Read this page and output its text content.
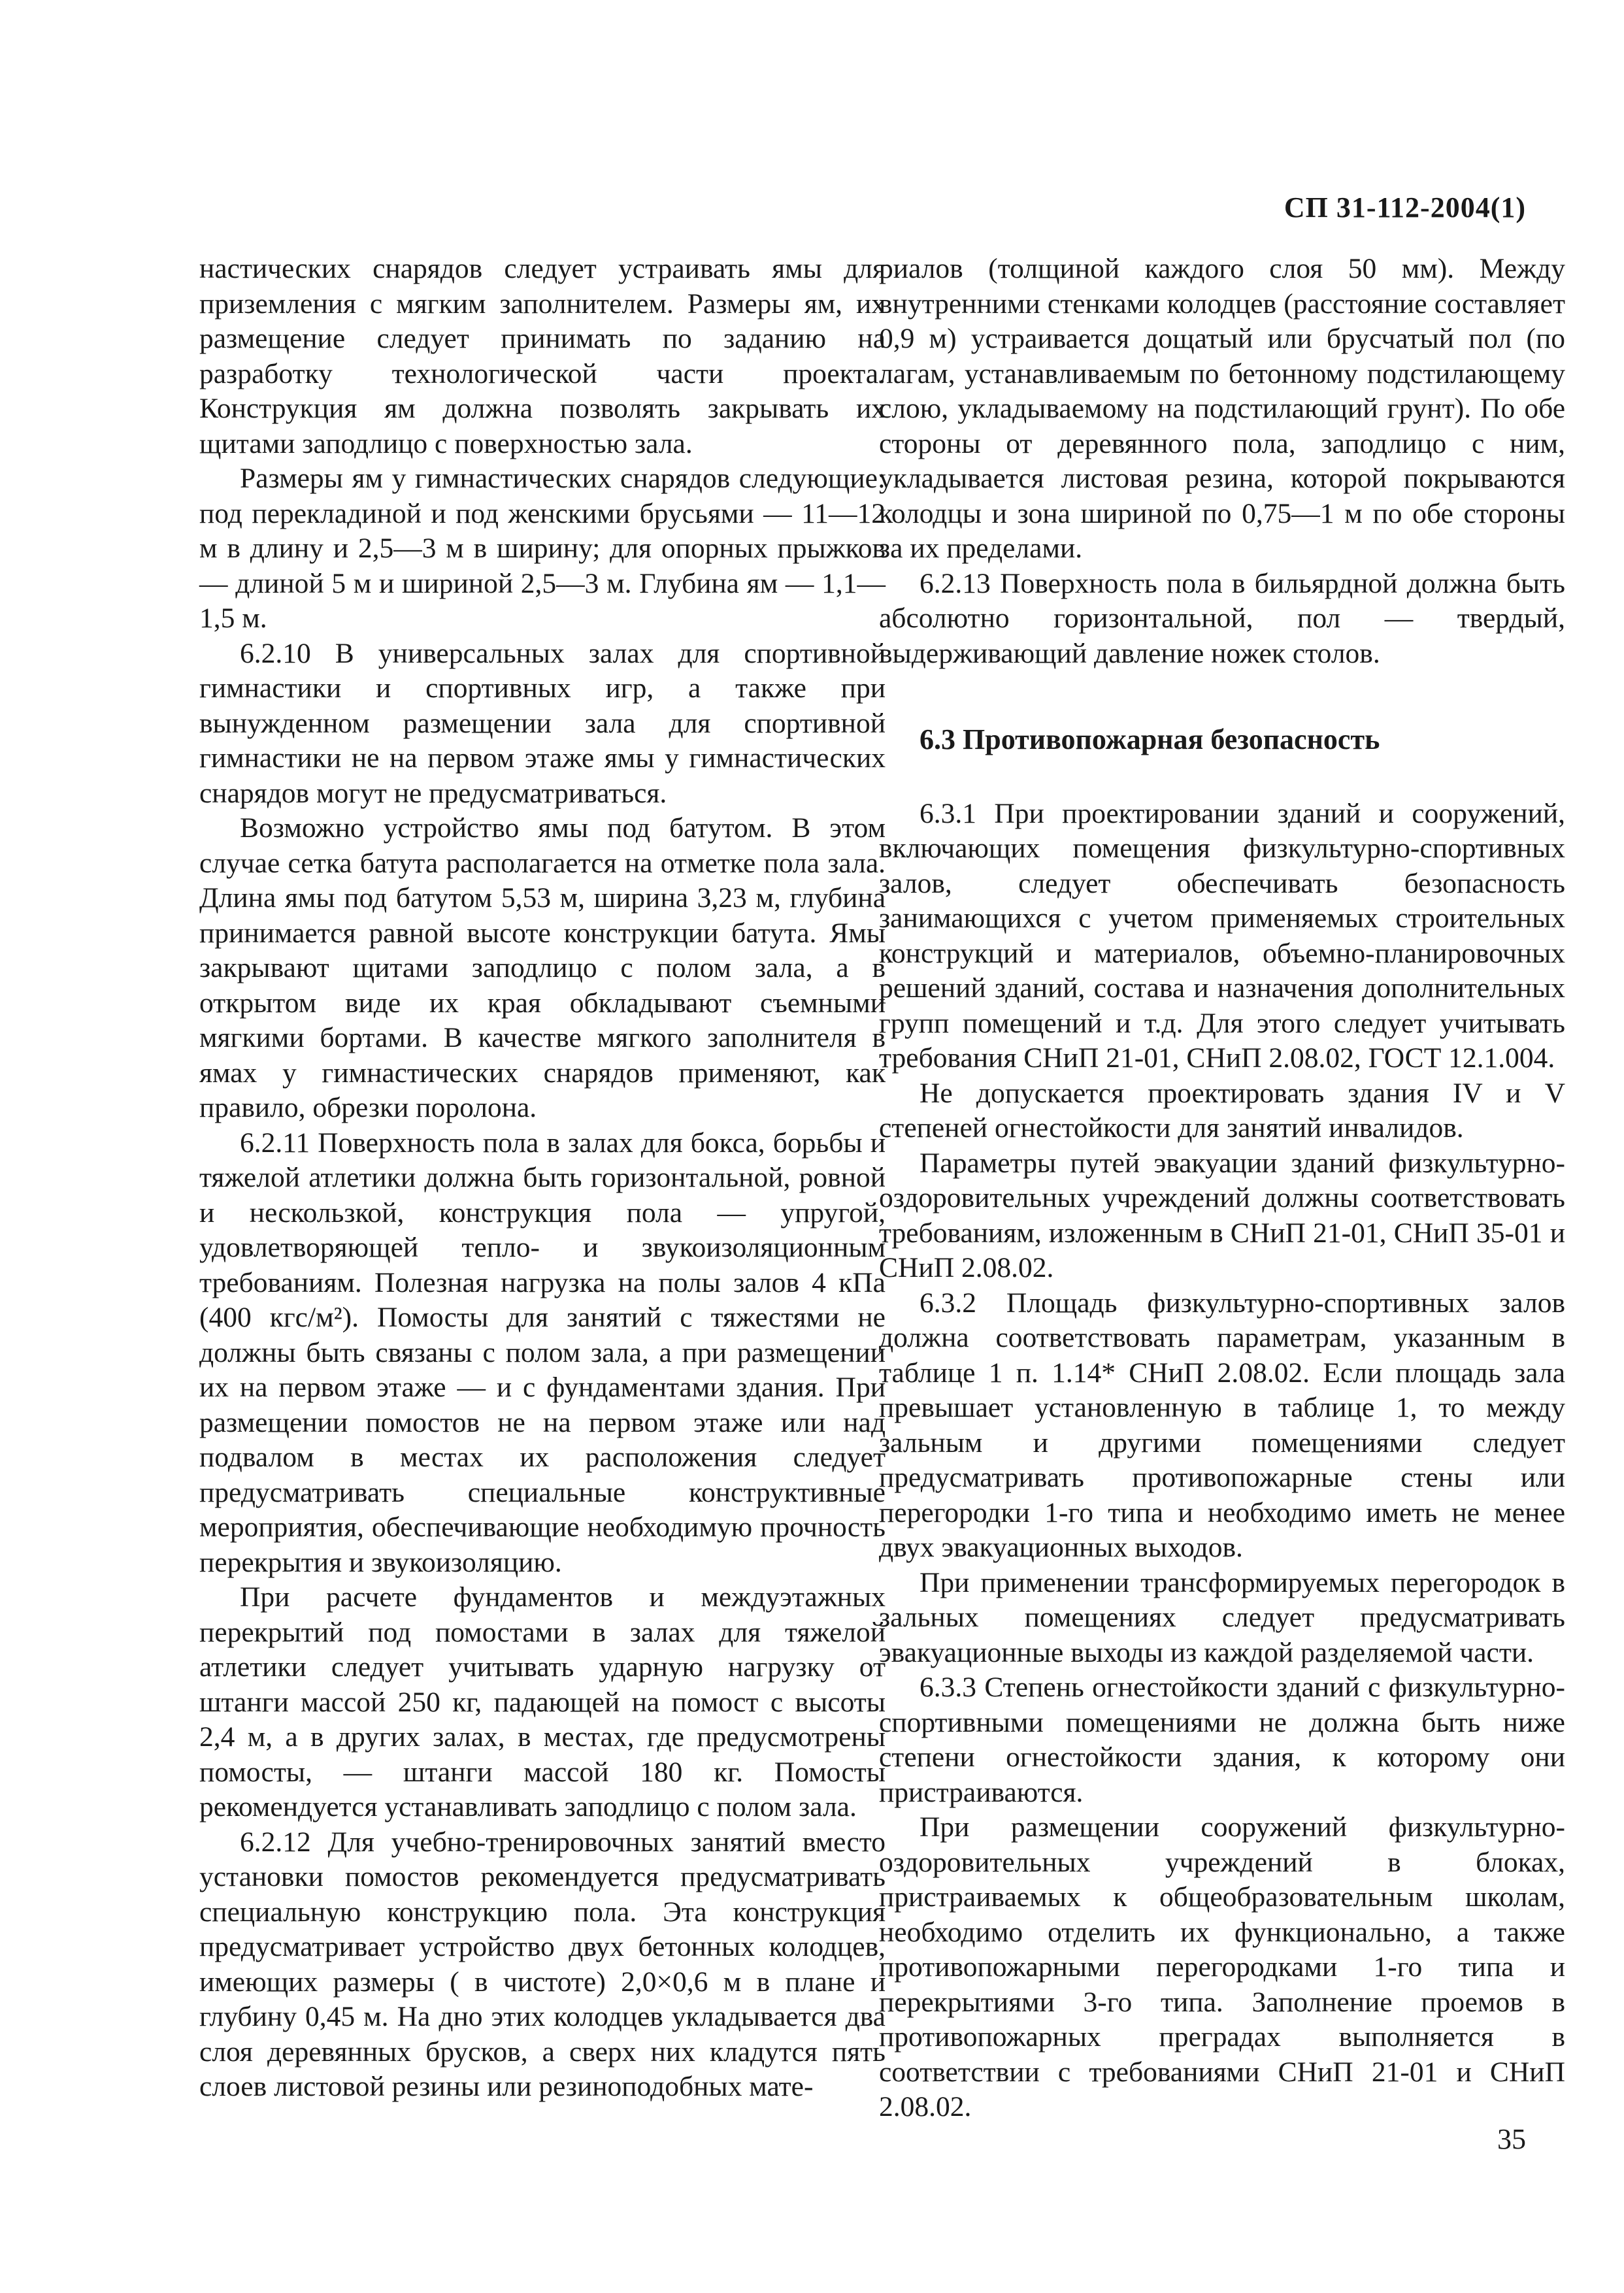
СП 31-112-2004(1)

настических снарядов следует устраивать ямы для приземления с мягким заполнителем. Размеры ям, их размещение следует принимать по заданию на разработку технологической части проекта. Конструкция ям должна позволять закрывать их щитами заподлицо с поверхностью зала.

Размеры ям у гимнастических снарядов следующие: под перекладиной и под женскими брусьями — 11—12 м в длину и 2,5—3 м в ширину; для опорных прыжков — длиной 5 м и шириной 2,5—3 м. Глубина ям — 1,1—1,5 м.

6.2.10 В универсальных залах для спортивной гимнастики и спортивных игр, а также при вынужденном размещении зала для спортивной гимнастики не на первом этаже ямы у гимнастических снарядов могут не предусматриваться.

Возможно устройство ямы под батутом. В этом случае сетка батута располагается на отметке пола зала. Длина ямы под батутом 5,53 м, ширина 3,23 м, глубина принимается равной высоте конструкции батута. Ямы закрывают щитами заподлицо с полом зала, а в открытом виде их края обкладывают съемными мягкими бортами. В качестве мягкого заполнителя в ямах у гимнастических снарядов применяют, как правило, обрезки поролона.

6.2.11 Поверхность пола в залах для бокса, борьбы и тяжелой атлетики должна быть горизонтальной, ровной и нескользкой, конструкция пола — упругой, удовлетворяющей тепло- и звукоизоляционным требованиям. Полезная нагрузка на полы залов 4 кПа (400 кгс/м²). Помосты для занятий с тяжестями не должны быть связаны с полом зала, а при размещении их на первом этаже — и с фундаментами здания. При размещении помостов не на первом этаже или над подвалом в местах их расположения следует предусматривать специальные конструктивные мероприятия, обеспечивающие необходимую прочность перекрытия и звукоизоляцию.

При расчете фундаментов и междуэтажных перекрытий под помостами в залах для тяжелой атлетики следует учитывать ударную нагрузку от штанги массой 250 кг, падающей на помост с высоты 2,4 м, а в других залах, в местах, где предусмотрены помосты, — штанги массой 180 кг. Помосты рекомендуется устанавливать заподлицо с полом зала.

6.2.12 Для учебно-тренировочных занятий вместо установки помостов рекомендуется предусматривать специальную конструкцию пола. Эта конструкция предусматривает устройство двух бетонных колодцев, имеющих размеры ( в чистоте) 2,0×0,6 м в плане и глубину 0,45 м. На дно этих колодцев укладывается два слоя деревянных брусков, а сверх них кладутся пять слоев листовой резины или резиноподобных мате-

риалов (толщиной каждого слоя 50 мм). Между внутренними стенками колодцев (расстояние составляет 0,9 м) устраивается дощатый или брусчатый пол (по лагам, устанавливаемым по бетонному подстилающему слою, укладываемому на подстилающий грунт). По обе стороны от деревянного пола, заподлицо с ним, укладывается листовая резина, которой покрываются колодцы и зона шириной по 0,75—1 м по обе стороны за их пределами.

6.2.13 Поверхность пола в бильярдной должна быть абсолютно горизонтальной, пол — твердый, выдерживающий давление ножек столов.

6.3 Противопожарная безопасность

6.3.1 При проектировании зданий и сооружений, включающих помещения физкультурно-спортивных залов, следует обеспечивать безопасность занимающихся с учетом применяемых строительных конструкций и материалов, объемно-планировочных решений зданий, состава и назначения дополнительных групп помещений и т.д. Для этого следует учитывать требования СНиП 21-01, СНиП 2.08.02, ГОСТ 12.1.004.

Не допускается проектировать здания IV и V степеней огнестойкости для занятий инвалидов.

Параметры путей эвакуации зданий физкультурно-оздоровительных учреждений должны соответствовать требованиям, изложенным в СНиП 21-01, СНиП 35-01 и СНиП 2.08.02.

6.3.2 Площадь физкультурно-спортивных залов должна соответствовать параметрам, указанным в таблице 1 п. 1.14* СНиП 2.08.02. Если площадь зала превышает установленную в таблице 1, то между зальным и другими помещениями следует предусматривать противопожарные стены или перегородки 1-го типа и необходимо иметь не менее двух эвакуационных выходов.

При применении трансформируемых перегородок в зальных помещениях следует предусматривать эвакуационные выходы из каждой разделяемой части.

6.3.3 Степень огнестойкости зданий с физкультурно-спортивными помещениями не должна быть ниже степени огнестойкости здания, к которому они пристраиваются.

При размещении сооружений физкультурно-оздоровительных учреждений в блоках, пристраиваемых к общеобразовательным школам, необходимо отделить их функционально, а также противопожарными перегородками 1-го типа и перекрытиями 3-го типа. Заполнение проемов в противопожарных преградах выполняется в соответствии с требованиями СНиП 21-01 и СНиП 2.08.02.

35
